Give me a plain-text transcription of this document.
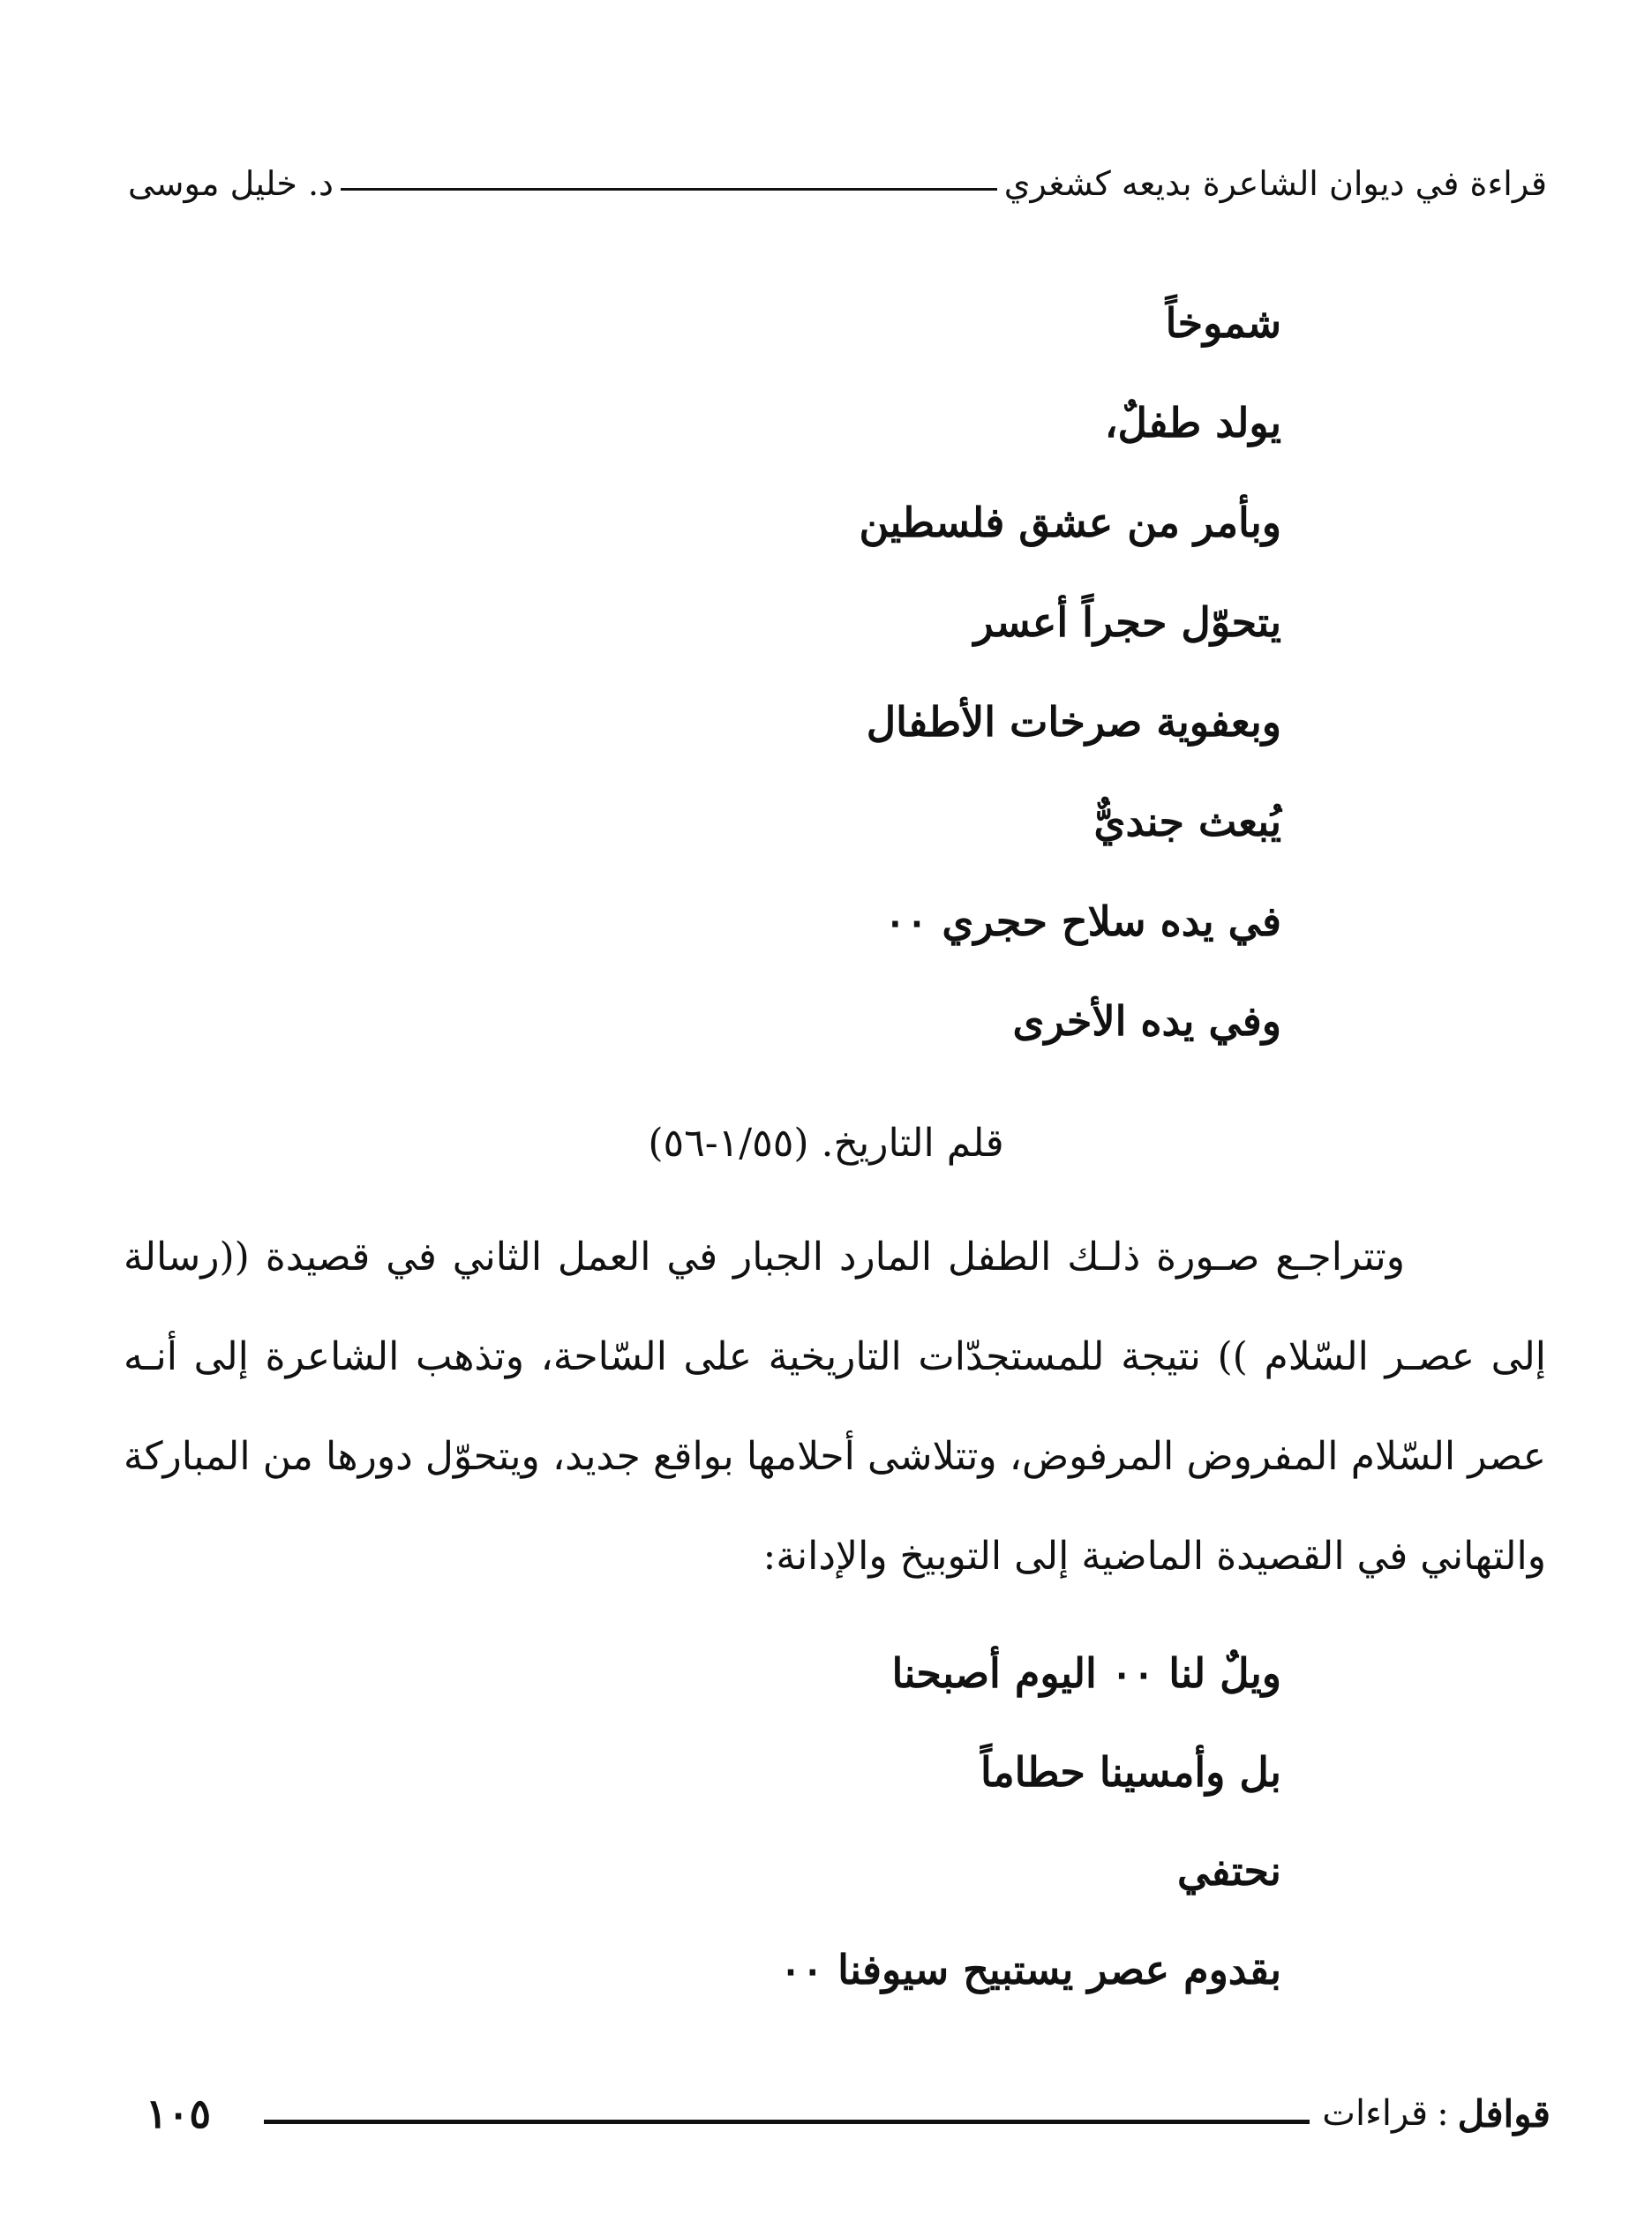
قراءة في ديوان الشاعرة بديعه كشغري
د. خليل موسى
شموخاً
يولد طفلٌ،
وبأمر من عشق فلسطين
يتحوّل حجراً أعسر
وبعفوية صرخات الأطفال
يُبعث جنديٌّ
في يده سلاح حجري ٠٠
وفي يده الأخرى
قلم التاريخ. (١/٥٥-٥٦)

وتتراجـع صـورة ذلـك الطفل المارد الجبار في العمل الثاني في قصيدة ((رسالة إلى عصـر السّلام )) نتيجة للمستجدّات التاريخية على السّاحة، وتذهب الشاعرة إلى أنـه عصر السّلام المفروض المرفوض، وتتلاشى أحلامها بواقع جديد، ويتحوّل دورها من المباركة والتهاني في القصيدة الماضية إلى التوبيخ والإدانة:

ويلٌ لنا ٠٠ اليوم أصبحنا
بل وأمسينا حطاماً
نحتفي
بقدوم عصر يستبيح سيوفنا ٠٠
قوافل
:
قراءات
١٠٥
